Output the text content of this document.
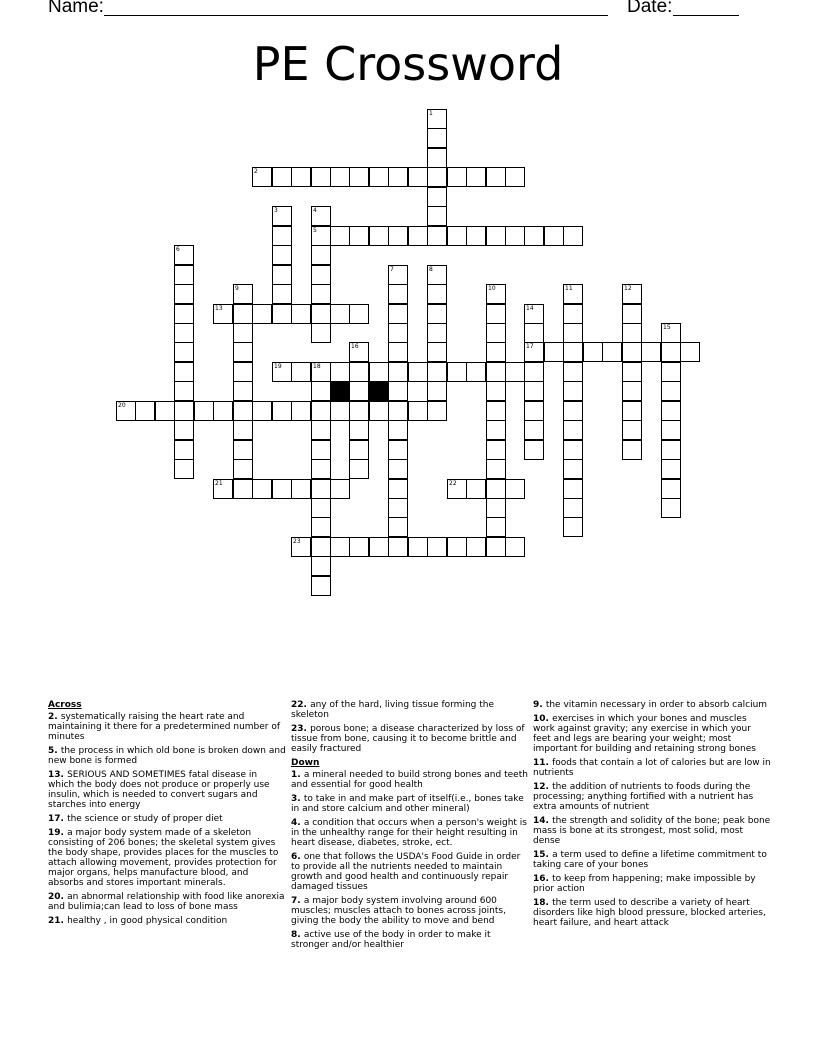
Name:	Date:
PE Crossword
2
5
13
17
19	18
20
21	22
23
1
3	4
6
7	8
9	10	11	12
14
15
16
Across
2. systematically raising the heart rate and maintaining it there for a predetermined number of minutes
5. the process in which old bone is broken down and new bone is formed
13. SERIOUS AND SOMETIMES fatal disease in which the body does not produce or properly use insulin, which is needed to convert sugars and starches into energy
17. the science or study of proper diet
19. a major body system made of a skeleton consisting of 206 bones; the skeletal system gives the body shape, provides places for the muscles to attach allowing movement, provides protection for major organs, helps manufacture blood, and absorbs and stores important minerals.
20. an abnormal relationship with food like anorexia and bulimia;can lead to loss of bone mass
21. healthy , in good physical condition
22. any of the hard, living tissue forming the skeleton
23. porous bone; a disease characterized by loss of tissue from bone, causing it to become brittle and easily fractured
Down
1. a mineral needed to build strong bones and teeth and essential for good health
3. to take in and make part of itself(i.e., bones take in and store calcium and other mineral)
4. a condition that occurs when a person's weight is in the unhealthy range for their height resulting in heart disease, diabetes, stroke, ect.
6. one that follows the USDA's Food Guide in order to provide all the nutrients needed to maintain growth and good health and continuously repair damaged tissues
7. a major body system involving around 600 muscles; muscles attach to bones across joints, giving the body the ability to move and bend
8. active use of the body in order to make it stronger and/or healthier
9. the vitamin necessary in order to absorb calcium
10. exercises in which your bones and muscles work against gravity; any exercise in which your feet and legs are bearing your weight; most important for building and retaining strong bones
11. foods that contain a lot of calories but are low in nutrients
12. the addition of nutrients to foods during the processing; anything fortified with a nutrient has extra amounts of nutrient
14. the strength and solidity of the bone; peak bone mass is bone at its strongest, most solid, most dense
15. a term used to define a lifetime commitment to taking care of your bones
16. to keep from happening; make impossible by prior action
18. the term used to describe a variety of heart disorders like high blood pressure, blocked arteries, heart failure, and heart attack
